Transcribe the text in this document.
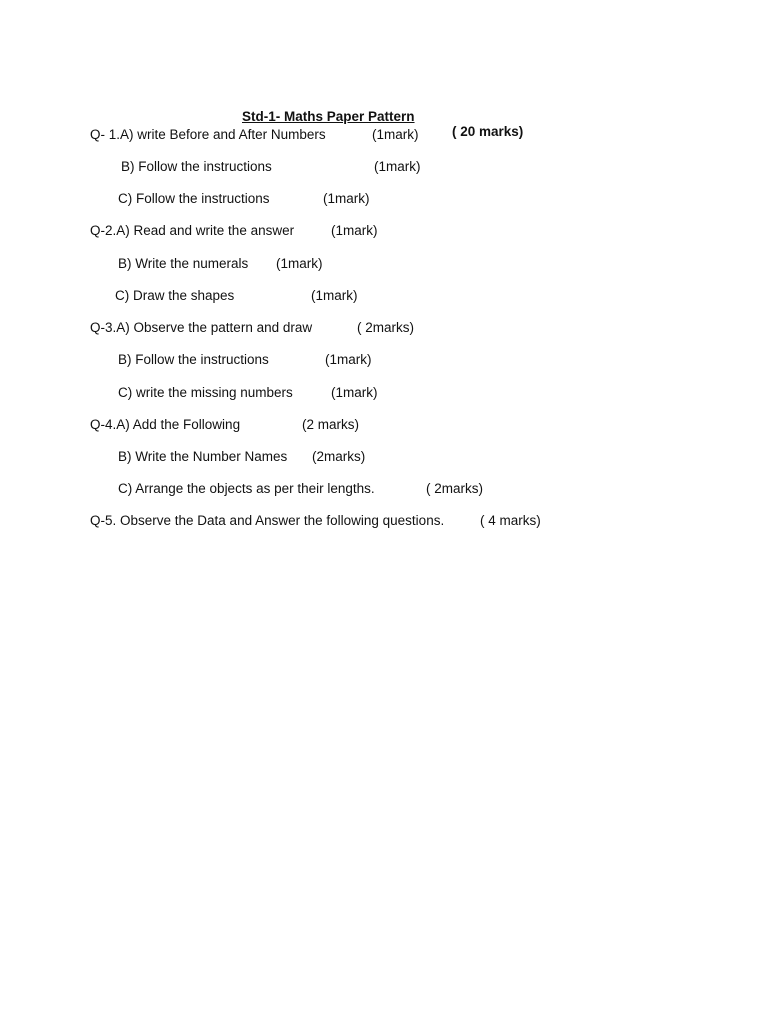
Std-1- Maths Paper Pattern

( 20 marks)

Q- 1.A) write Before and After Numbers	(1mark)
B) Follow the instructions	(1mark)
C) Follow the instructions	(1mark)
Q-2.A) Read and write the answer	(1mark)
B) Write the numerals (1mark)
C) Draw the shapes	(1mark)
Q-3.A) Observe the pattern and draw	( 2marks)
B) Follow the instructions	(1mark)
C) write the missing numbers	(1mark)
Q-4.A) Add the Following	(2 marks)
B) Write the Number Names (2marks)
C) Arrange the objects as per their lengths.	( 2marks)
Q-5. Observe the Data and Answer the following questions.	( 4 marks)
